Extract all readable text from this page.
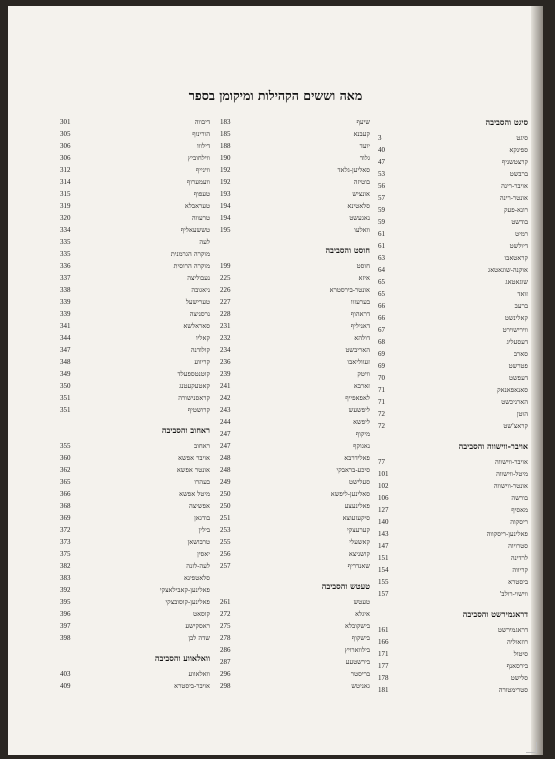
מאה וששים הקהילות ומיקומן בספר
סיגט והסביבה
סיגט
3
ספינקא
40
קרצטשניף
47
ברבשט
53
אויבר-רינה
56
אונטר-רינה
57
רונא-פעק
59
בודשט
59
רמיט
61
דיולשט
61
קראטאבו
63
אוקנה-שוגאטאג
64
שוגאטאג
65
זואד
65
ברעב
66
קאלינשט
66
ווירישוירט
67
דעסעליג
68
סארב
69
פטרשט
69
דעפשט
70
סאנאפאנאק
71
הארניכשט
71
הוטן
72
קראצ'שט
72
אויבר-ווישווה והסביבה
אויבר-ווישווה
77
מיטל-ווישווה
101
אונטר-ווישווה
102
בורשה
106
מאסיף
127
ריסקוה
140
פאלינען-ריסקווה
143
סטרויוה
147
לרדינה
151
קריווה
154
ביסטרא
155
ווישוי-רולב'
157
דראגמירשט והסביבה
דראגמירשט
161
רוזאוליה
166
סיטול
171
בירסאנף
177
סלישט
178
סטרימטורה
181
שיעף
183
קעבנא
185
יועד
188
גלוד
190
סאליען-גלאד
192
בוטיזה
192
אונציש
193
סלאטינא
194
נאגעשט
194
וואלעו
195
חוסט והסביבה
חוסט
199
איזא
225
אונטר-בירסטרא
226
בערעזוו
227
דראהוף
228
דאניליף
231
דולהא
232
האריבשט
234
זעווליאבו
236
וויטק
239
זארבא
241
לאפאפייף
242
ליפשעש
243
ליפשא
244
מיקוף
247
נאגוקף
247
פאלידרבא
248
סיכע-בראבקי
248
סעלישט
249
סאלינען-ליפשא
250
פאלינעצע
250
סיקעזעוצא
251
קערעצקי
253
קאשעלי
255
קושניצא
256
שאנדריף
257
טעטש והסביבה
טעטש
261
איגלא
272
בישקובלא
275
בישקוף
278
בילווארויץ
286
בירשטעע
287
בריסטר
296
גאניטש
298
דיבווה
301
הורינוף
305
דילווו
306
ווילחוביץ
306
ווינייף
312
וועמערוף
314
טעפוף
315
טעראבלא
319
טרעווה
320
טששעאליף
334
לעה
335
מוקרה הגרמנית
335
מוקרה הרוסית
336
נעבוליצה
337
ניאגובה
338
טערישעל
339
נרסניצה
339
סאראלשא
341
קאליו
344
קולודנה
347
קריווע
348
קוטנטספעלד
349
קאטעקעטנג
350
קראסנישורה
351
קרושטיף
351
ראחוב והסביבה
ראחוב
355
אויבר אפשא
360
אונטר אפשא
362
בעהרו
365
מיטל אפשא
366
אפשיצה
368
בודגאן
369
בילין
372
טרבושאן
373
יאסין
375
לעה-לזנה
382
סלאטפינא
383
פאלינען-קאבילאצקי
392
פאלינען-קוסובצקי
395
קוסאט
396
ראסקישע
397
שדה לבן
398
וואלאווע והסביבה
וואלאווע
403
אויבר-ביסטרא
409
